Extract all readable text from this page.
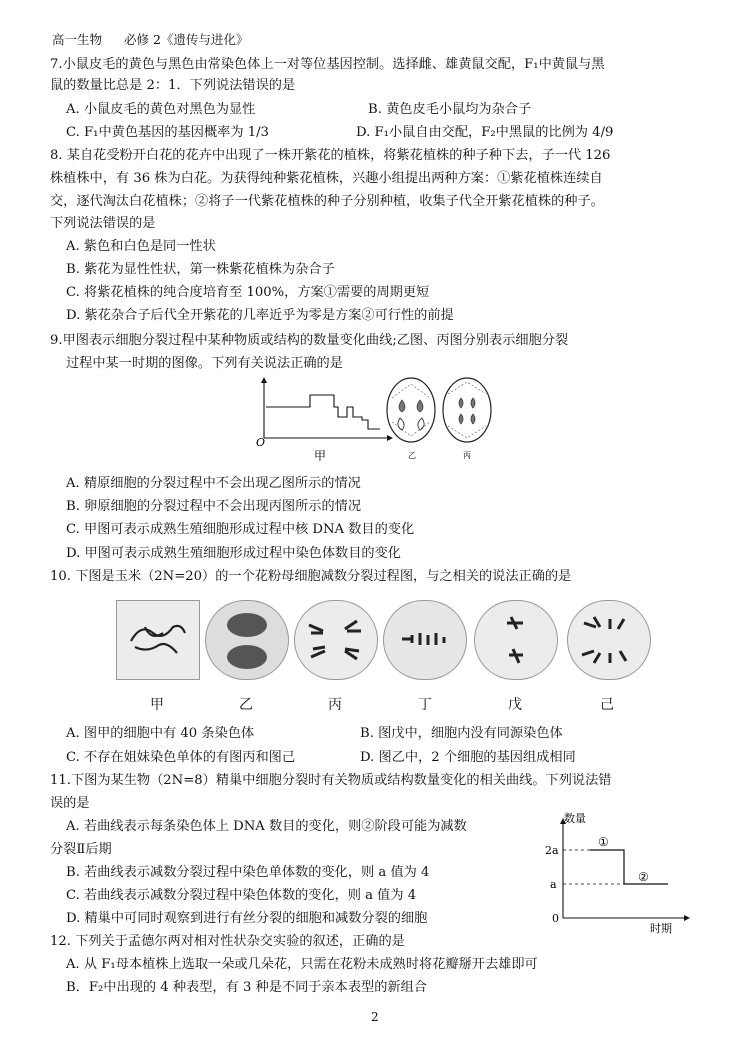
高一生物 必修 2《遗传与进化》
7.小鼠皮毛的黄色与黑色由常染色体上一对等位基因控制。选择雌、雄黄鼠交配，F₁中黄鼠与黑
鼠的数量比总是 2：1．下列说法错误的是
A. 小鼠皮毛的黄色对黑色为显性	B. 黄色皮毛小鼠均为杂合子
C. F₁中黄色基因的基因概率为 1/3	D. F₁小鼠自由交配，F₂中黑鼠的比例为 4/9
8. 某自花受粉开白花的花卉中出现了一株开紫花的植株，将紫花植株的种子种下去，子一代 126
株植株中，有 36 株为白花。为获得纯种紫花植株，兴趣小组提出两种方案：①紫花植株连续自
交，逐代淘汰白花植株；②将子一代紫花植株的种子分别种植，收集子代全开紫花植株的种子。
下列说法错误的是
A. 紫色和白色是同一性状
B. 紫花为显性性状，第一株紫花植株为杂合子
C. 将紫花植株的纯合度培育至 100%，方案①需要的周期更短
D. 紫花杂合子后代全开紫花的几率近乎为零是方案②可行性的前提
9.甲图表示细胞分裂过程中某种物质或结构的数量变化曲线;乙图、丙图分别表示细胞分裂
过程中某一时期的图像。下列有关说法正确的是
O
甲	乙	丙
A. 精原细胞的分裂过程中不会出现乙图所示的情况
B. 卵原细胞的分裂过程中不会出现丙图所示的情况
C. 甲图可表示成熟生殖细胞形成过程中核 DNA 数目的变化
D. 甲图可表示成熟生殖细胞形成过程中染色体数目的变化
10. 下图是玉米（2N=20）的一个花粉母细胞减数分裂过程图，与之相关的说法正确的是
甲	乙	丙	丁	戊	己
A. 图甲的细胞中有 40 条染色体	B. 图戊中，细胞内没有同源染色体
C. 不存在姐妹染色单体的有图丙和图己	D. 图乙中，2 个细胞的基因组成相同
11.下图为某生物（2N=8）精巢中细胞分裂时有关物质或结构数量变化的相关曲线。下列说法错
误的是
A. 若曲线表示每条染色体上 DNA 数目的变化，则②阶段可能为减数
分裂Ⅱ后期
B. 若曲线表示减数分裂过程中染色单体数的变化，则 a 值为 4
C. 若曲线表示减数分裂过程中染色体数的变化，则 a 值为 4
D. 精巢中可同时观察到进行有丝分裂的细胞和减数分裂的细胞
数量
时期
2a
a
0
①
②
12. 下列关于孟德尔两对相对性状杂交实验的叙述，正确的是
A. 从 F₁母本植株上选取一朵或几朵花，只需在花粉未成熟时将花瓣掰开去雄即可
B．F₂中出现的 4 种表型，有 3 种是不同于亲本表型的新组合
2
